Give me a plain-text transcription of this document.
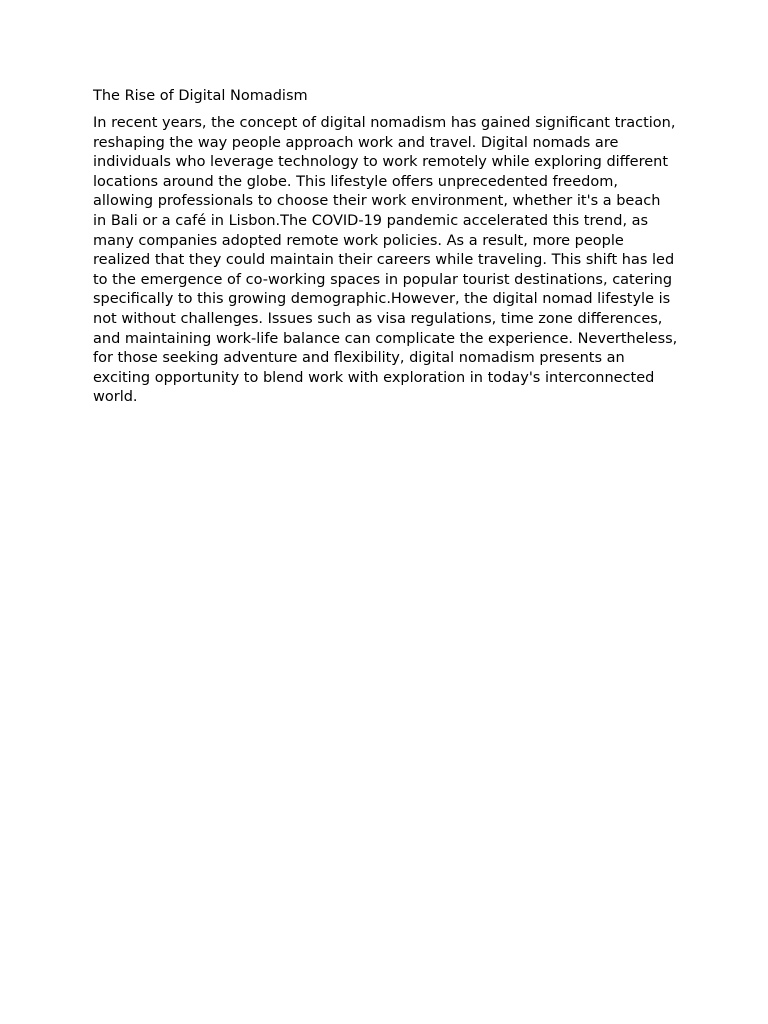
The Rise of Digital Nomadism

In recent years, the concept of digital nomadism has gained significant traction, reshaping the way people approach work and travel. Digital nomads are individuals who leverage technology to work remotely while exploring different locations around the globe. This lifestyle offers unprecedented freedom, allowing professionals to choose their work environment, whether it's a beach in Bali or a café in Lisbon.The COVID-19 pandemic accelerated this trend, as many companies adopted remote work policies. As a result, more people realized that they could maintain their careers while traveling. This shift has led to the emergence of co-working spaces in popular tourist destinations, catering specifically to this growing demographic.However, the digital nomad lifestyle is not without challenges. Issues such as visa regulations, time zone differences, and maintaining work-life balance can complicate the experience. Nevertheless, for those seeking adventure and flexibility, digital nomadism presents an exciting opportunity to blend work with exploration in today's interconnected world.
